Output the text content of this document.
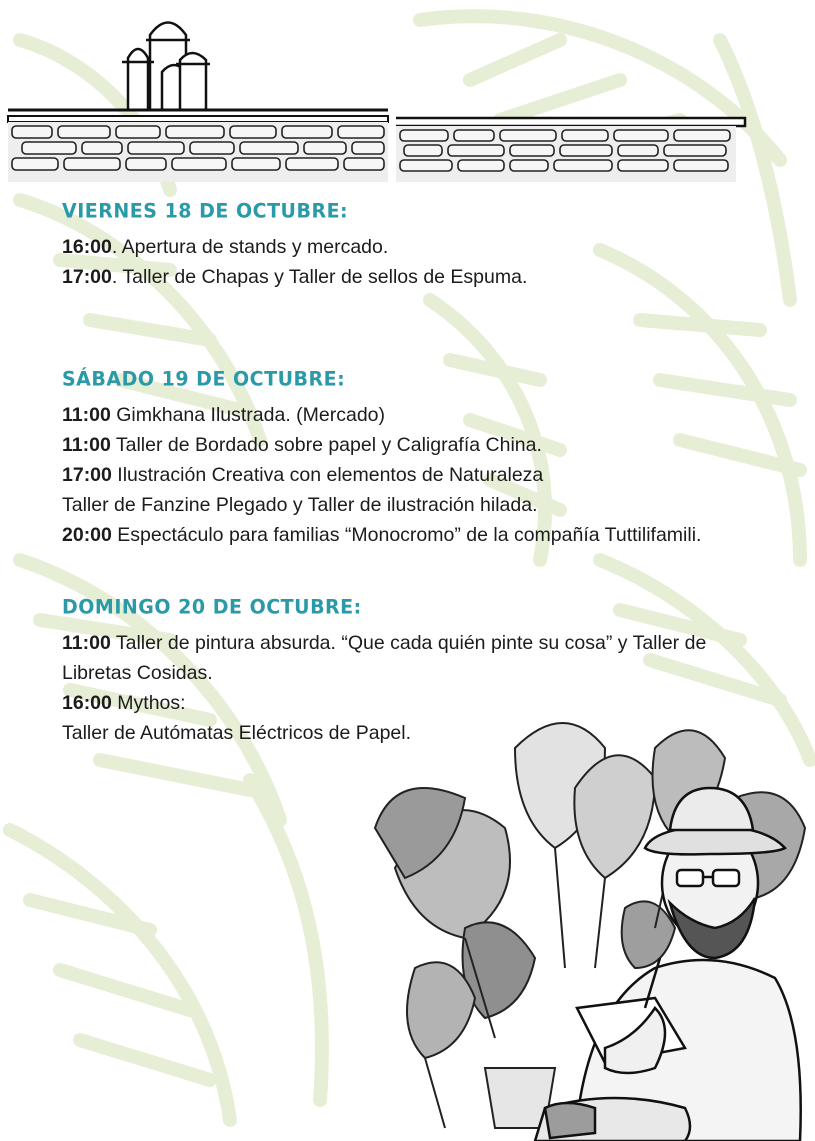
VIERNES 18 DE OCTUBRE:
16:00. Apertura de stands y mercado.
17:00. Taller de Chapas y Taller de sellos de Espuma.
SÁBADO 19 DE OCTUBRE:
11:00 Gimkhana Ilustrada. (Mercado)
11:00 Taller de Bordado sobre papel y Caligrafía China.
17:00 Ilustración Creativa con elementos de Naturaleza
Taller de Fanzine Plegado y Taller de ilustración hilada.
20:00 Espectáculo para familias “Monocromo” de la compañía Tuttilifamili.
DOMINGO 20 DE OCTUBRE:
11:00 Taller de pintura absurda. “Que cada quién pinte su cosa” y Taller de
Libretas Cosidas.
16:00 Mythos:
Taller de Autómatas Eléctricos de Papel.
